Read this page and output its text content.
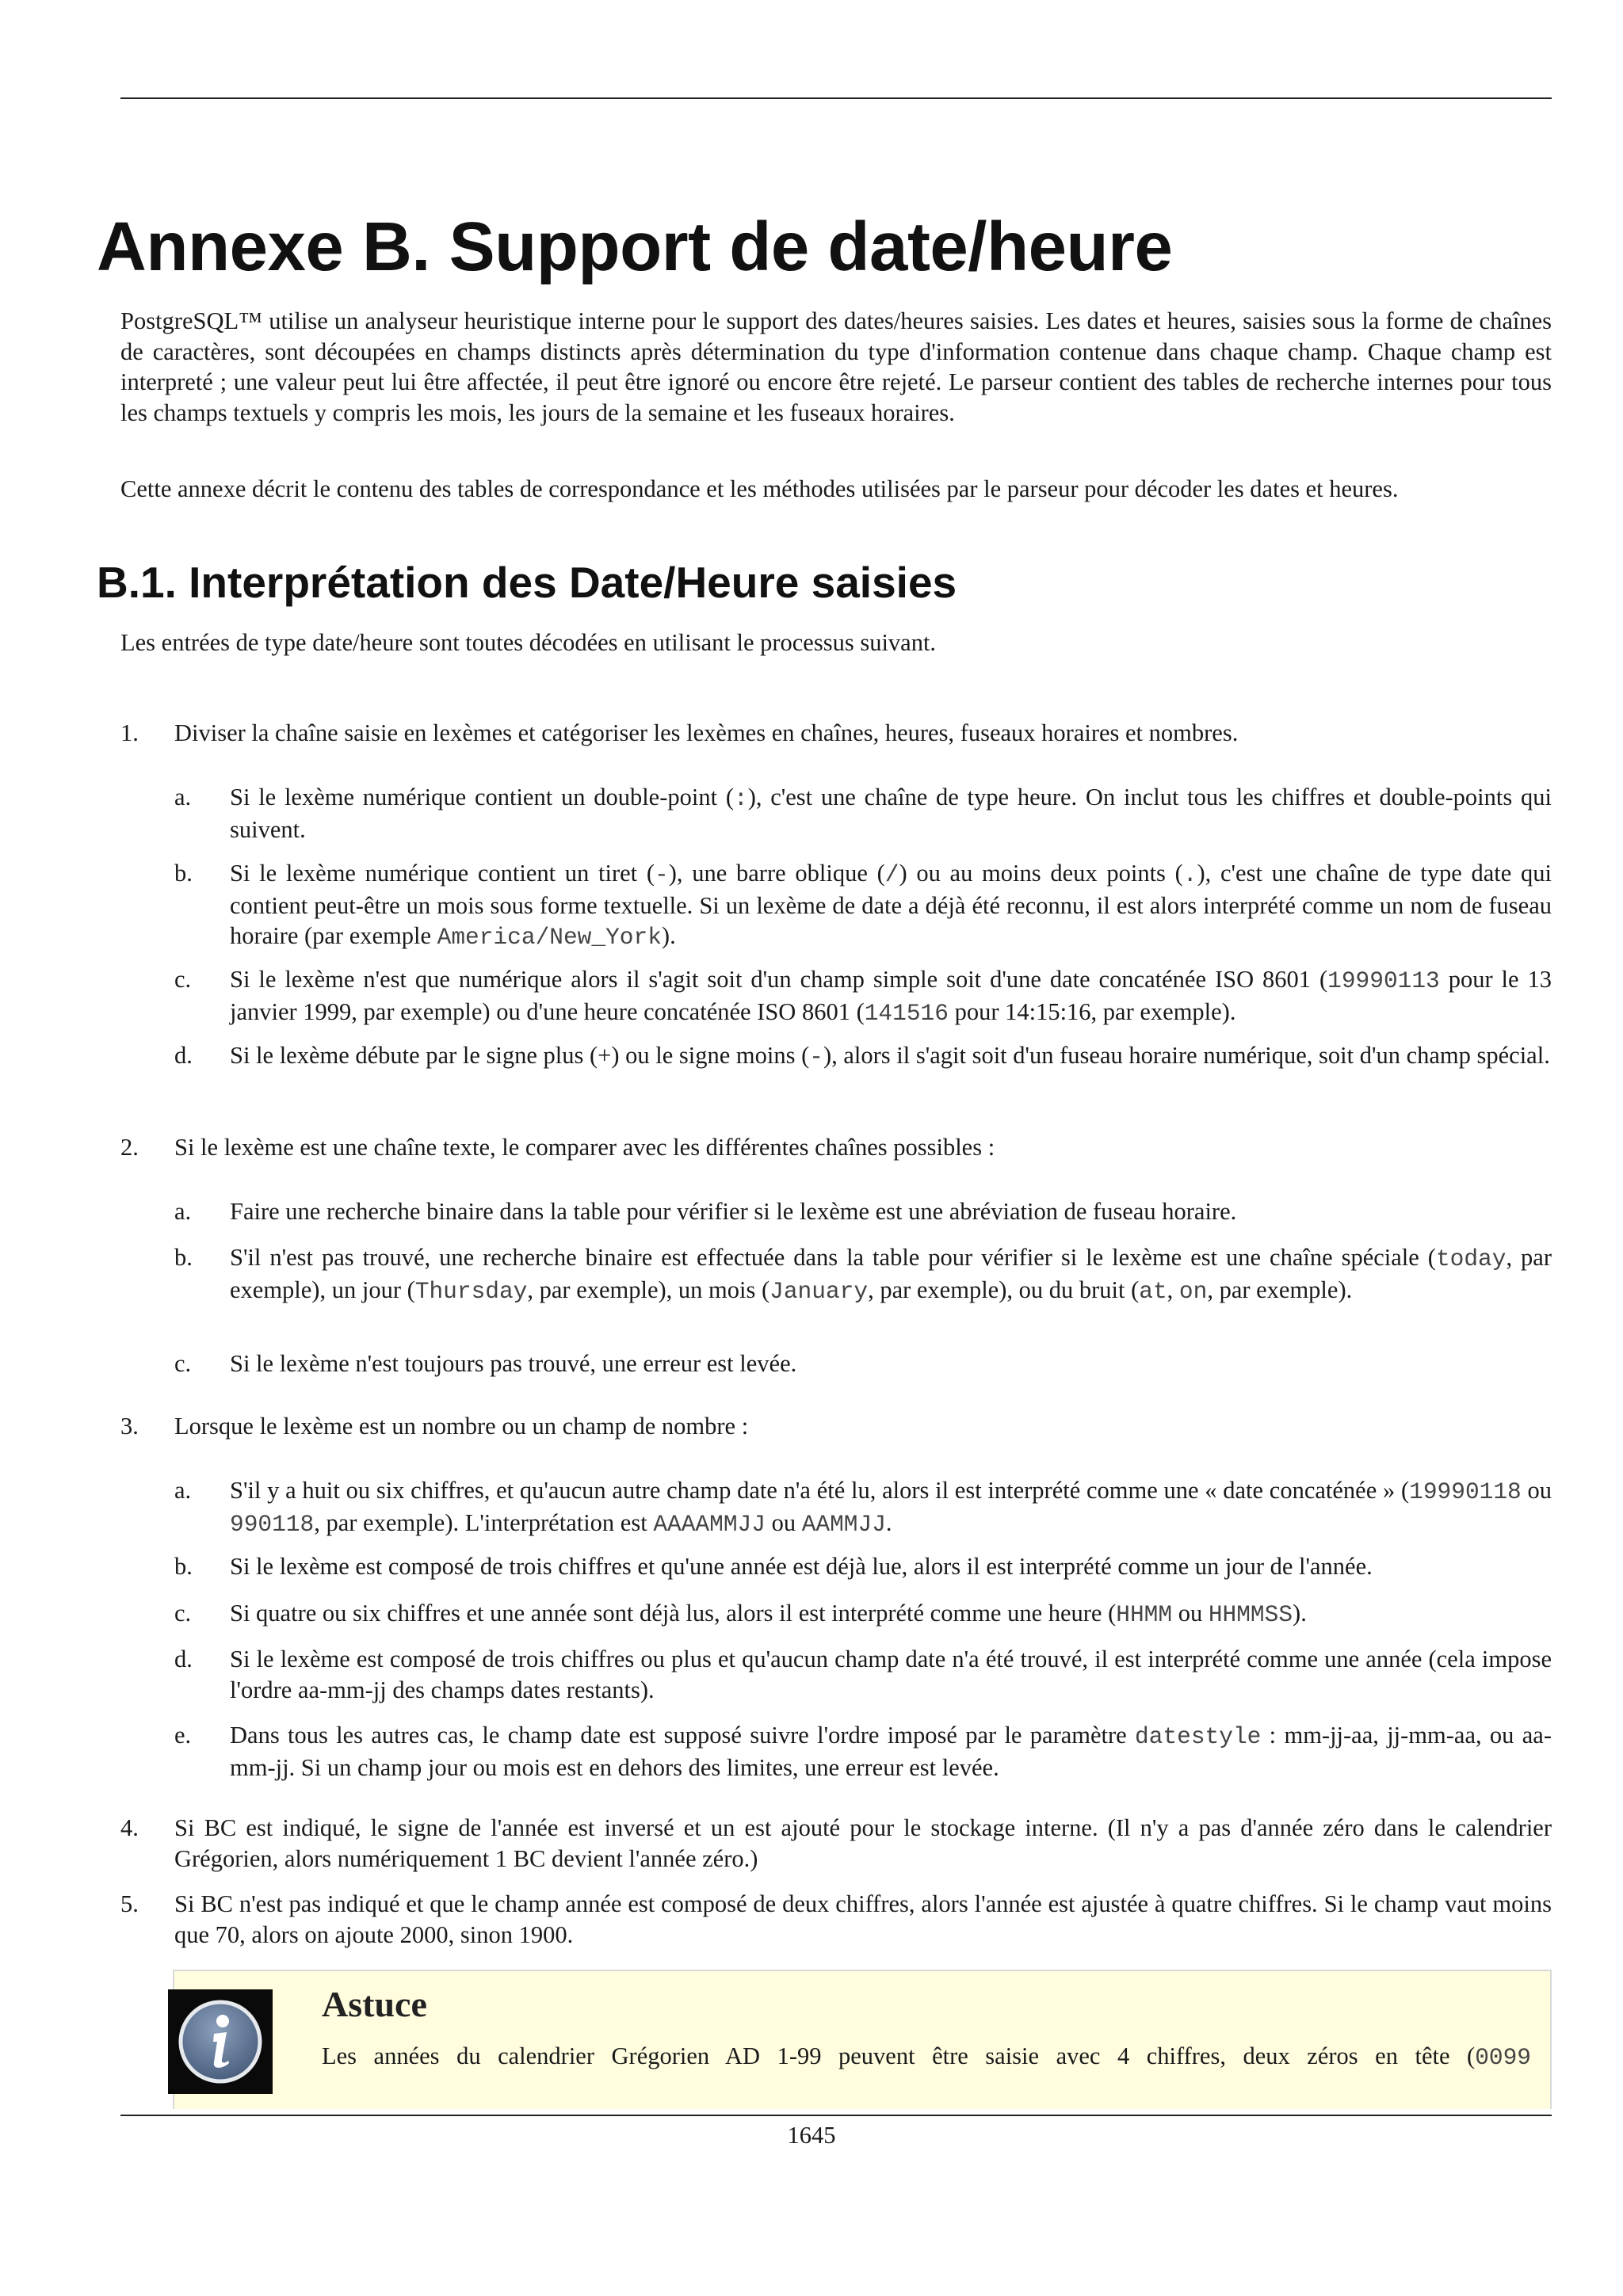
Annexe B. Support de date/heure

PostgreSQL™ utilise un analyseur heuristique interne pour le support des dates/heures saisies. Les dates et heures, saisies sous la forme de chaînes de caractères, sont découpées en champs distincts après détermination du type d'information contenue dans chaque champ. Chaque champ est interpreté ; une valeur peut lui être affectée, il peut être ignoré ou encore être rejeté. Le parseur contient des tables de recherche internes pour tous les champs textuels y compris les mois, les jours de la semaine et les fuseaux horaires.

Cette annexe décrit le contenu des tables de correspondance et les méthodes utilisées par le parseur pour décoder les dates et heures.

B.1. Interprétation des Date/Heure saisies

Les entrées de type date/heure sont toutes décodées en utilisant le processus suivant.

1.	Diviser la chaîne saisie en lexèmes et catégoriser les lexèmes en chaînes, heures, fuseaux horaires et nombres.

a.	Si le lexème numérique contient un double-point (:), c'est une chaîne de type heure. On inclut tous les chiffres et double-points qui suivent.

b.	Si le lexème numérique contient un tiret (-), une barre oblique (/) ou au moins deux points (.), c'est une chaîne de type date qui contient peut-être un mois sous forme textuelle. Si un lexème de date a déjà été reconnu, il est alors interprété comme un nom de fuseau horaire (par exemple America/New_York).

c.	Si le lexème n'est que numérique alors il s'agit soit d'un champ simple soit d'une date concaténée ISO 8601 (19990113 pour le 13 janvier 1999, par exemple) ou d'une heure concaténée ISO 8601 (141516 pour 14:15:16, par exemple).

d.	Si le lexème débute par le signe plus (+) ou le signe moins (-), alors il s'agit soit d'un fuseau horaire numérique, soit d'un champ spécial.

2.	Si le lexème est une chaîne texte, le comparer avec les différentes chaînes possibles :

a.	Faire une recherche binaire dans la table pour vérifier si le lexème est une abréviation de fuseau horaire.

b.	S'il n'est pas trouvé, une recherche binaire est effectuée dans la table pour vérifier si le lexème est une chaîne spéciale (today, par exemple), un jour (Thursday, par exemple), un mois (January, par exemple), ou du bruit (at, on, par exemple).

c.	Si le lexème n'est toujours pas trouvé, une erreur est levée.

3.	Lorsque le lexème est un nombre ou un champ de nombre :

a.	S'il y a huit ou six chiffres, et qu'aucun autre champ date n'a été lu, alors il est interprété comme une « date concaténée » (19990118 ou 990118, par exemple). L'interprétation est AAAAMMJJ ou AAMMJJ.

b.	Si le lexème est composé de trois chiffres et qu'une année est déjà lue, alors il est interprété comme un jour de l'année.

c.	Si quatre ou six chiffres et une année sont déjà lus, alors il est interprété comme une heure (HHMM ou HHMMSS).

d.	Si le lexème est composé de trois chiffres ou plus et qu'aucun champ date n'a été trouvé, il est interprété comme une année (cela impose l'ordre aa-mm-jj des champs dates restants).

e.	Dans tous les autres cas, le champ date est supposé suivre l'ordre imposé par le paramètre datestyle : mm-jj-aa, jj-mm-aa, ou aa-mm-jj. Si un champ jour ou mois est en dehors des limites, une erreur est levée.

4.	Si BC est indiqué, le signe de l'année est inversé et un est ajouté pour le stockage interne. (Il n'y a pas d'année zéro dans le calendrier Grégorien, alors numériquement 1 BC devient l'année zéro.)

5.	Si BC n'est pas indiqué et que le champ année est composé de deux chiffres, alors l'année est ajustée à quatre chiffres. Si le champ vaut moins que 70, alors on ajoute 2000, sinon 1900.

Astuce

Les années du calendrier Grégorien AD 1-99 peuvent être saisie avec 4 chiffres, deux zéros en tête (0099

1645
